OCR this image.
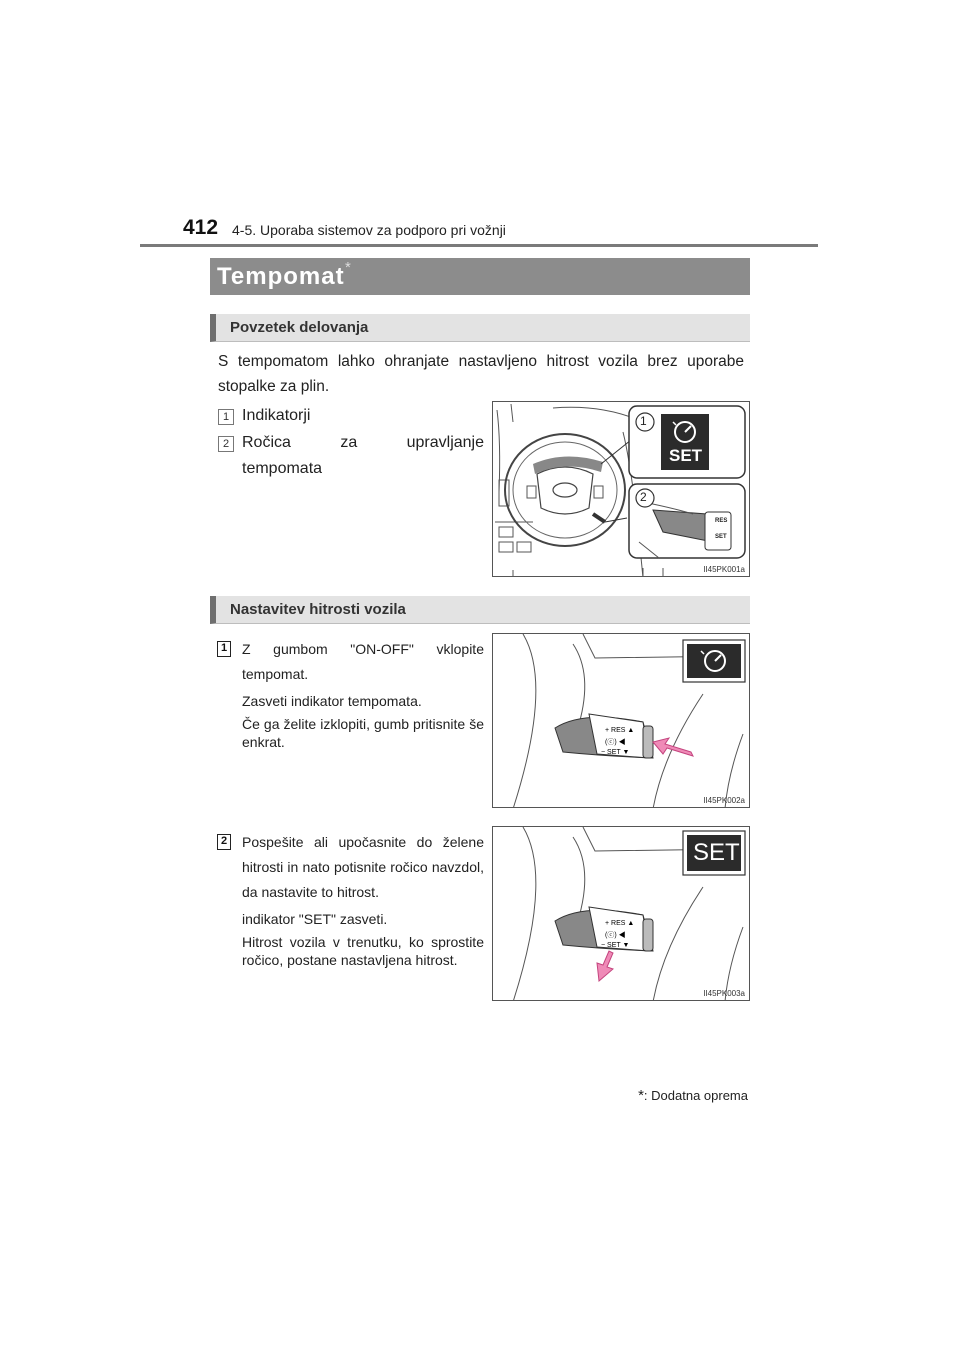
412 4-5. Uporaba sistemov za podporo pri vožnji
Tempomat *
Povzetek delovanja
S tempomatom lahko ohranjate nastavljeno hitrost vozila brez uporabe stopalke za plin.
1 Indikatorji
2 Ročica za upravljanje
tempomata
1
2
SET
RES
SET
II45PK001a
Nastavitev hitrosti vozila
1 Z gumbom "ON-OFF" vklopite tempomat.
Zasveti indikator tempomata.
Če ga želite izklopiti, gumb pritisnite še enkrat.
+ RES ▲
(ⓒ) ◀
− SET ▼
II45PK002a
2 Pospešite ali upočasnite do želene hitrosti in nato potisnite ročico navzdol, da nastavite to hitrost.
indikator "SET" zasveti.
Hitrost vozila v trenutku, ko sprostite ročico, postane nastavljena hitrost.
+ RES ▲
(ⓒ) ◀
− SET ▼
SET
II45PK003a
*: Dodatna oprema
